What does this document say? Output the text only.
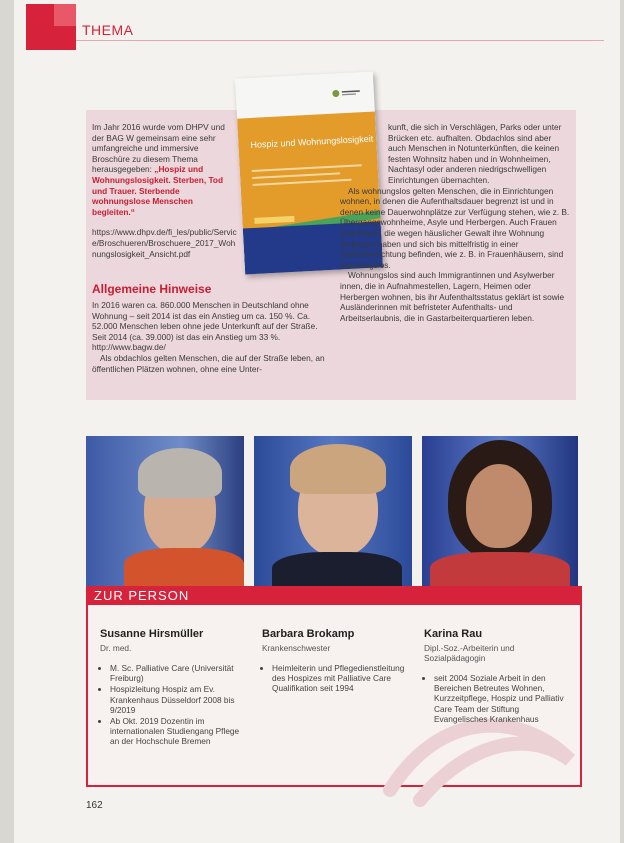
THEMA

Im Jahr 2016 wurde vom DHPV und der BAG W gemeinsam eine sehr umfangreiche und immersive Broschüre zu diesem Thema herausgegeben: „Hospiz und Wohnungslosigkeit. Sterben, Tod und Trauer. Sterbende wohnungslose Menschen begleiten.“

https://www.dhpv.de/fi_les/public/Service/Broschueren/Broschuere_2017_Wohnungslosigkeit_Ansicht.pdf

Hospiz und Wohnungslosigkeit
Allgemeine Hinweise

In 2016 waren ca. 860.000 Menschen in Deutschland ohne Wohnung – seit 2014 ist das ein Anstieg um ca. 150 %. Ca. 52.000 Menschen leben ohne jede Unterkunft auf der Straße. Seit 2014 (ca. 39.000) ist das ein Anstieg um 33 %. http://www.bagw.de/

Als obdachlos gelten Menschen, die auf der Straße leben, an öffentlichen Plätzen wohnen, ohne eine Unter-

kunft, die sich in Verschlägen, Parks oder unter Brücken etc. aufhalten. Obdachlos sind aber auch Menschen in Notunterkünften, die keinen festen Wohnsitz haben und in Wohnheimen, Nachtasyl oder anderen niedrigschwelligen Einrichtungen übernachten.

Als wohnungslos gelten Menschen, die in Einrichtungen wohnen, in denen die Aufenthaltsdauer begrenzt ist und in denen keine Dauerwohnplätze zur Verfügung stehen, wie z. B. Übergangswohnheime, Asyle und Herbergen. Auch Frauen und Kinder, die wegen häuslicher Gewalt ihre Wohnung verlassen haben und sich bis mittelfristig in einer Schutzeinrichtung befinden, wie z. B. in Frauenhäusern, sind wohnungslos.

Wohnungslos sind auch Immigrantinnen und Asylwerber innen, die in Aufnahmestellen, Lagern, Heimen oder Herbergen wohnen, bis ihr Aufenthaltsstatus geklärt ist sowie Ausländerinnen mit befristeter Aufenthalts- und Arbeitserlaubnis, die in Gastarbeiterquartieren leben.

ZUR PERSON
Susanne Hirsmüller
Dr. med.
• M. Sc. Palliative Care (Universität Freiburg)
• Hospizleitung Hospiz am Ev. Krankenhaus Düsseldorf 2008 bis 9/2019
• Ab Okt. 2019 Dozentin im internationalen Studiengang Pflege an der Hochschule Bremen
Barbara Brokamp
Krankenschwester
• Heimleiterin und Pflegedienstleitung des Hospizes mit Palliative Care Qualifikation seit 1994
Karina Rau
Dipl.-Soz.-Arbeiterin und Sozialpädagogin
• seit 2004 Soziale Arbeit in den Bereichen Betreutes Wohnen, Kurzzeitpflege, Hospiz und Palliativ Care Team der Stiftung Evangelisches Krankenhaus
162
